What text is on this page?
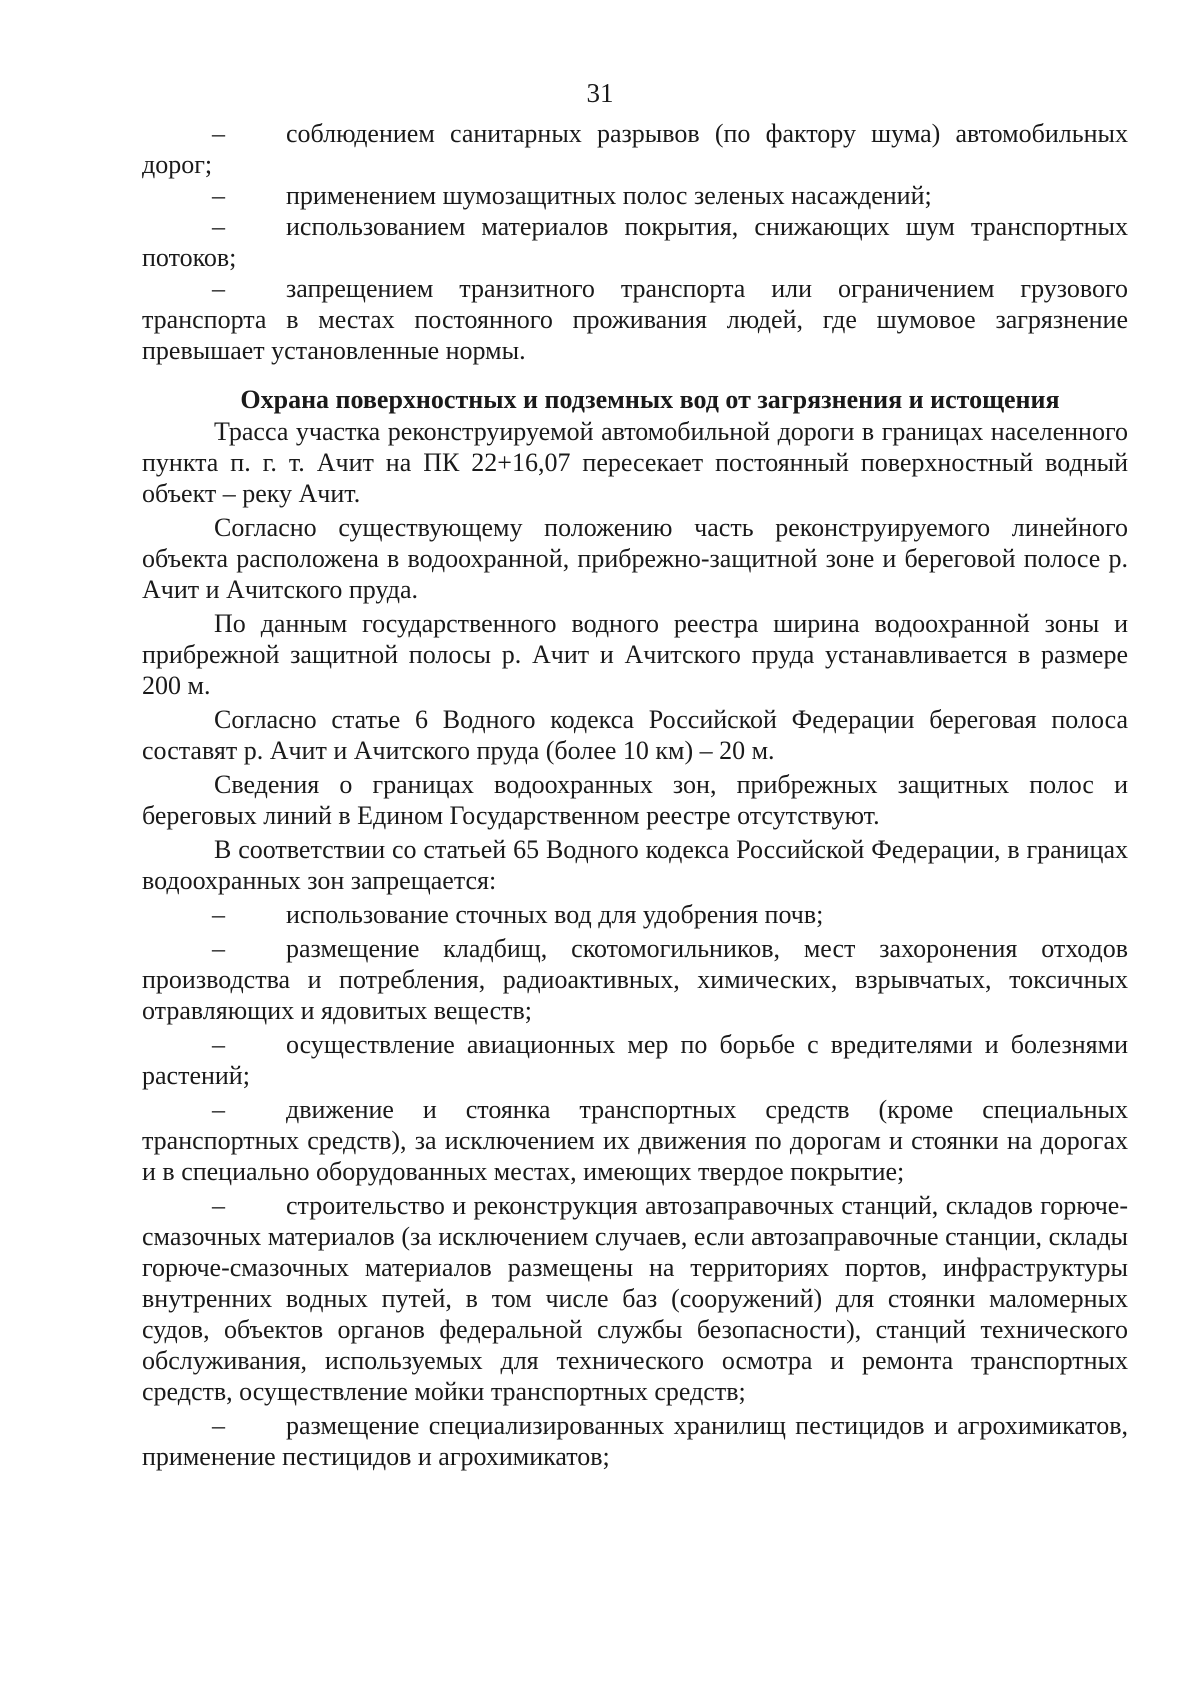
31

– соблюдением санитарных разрывов (по фактору шума) автомобильных дорог;

– применением шумозащитных полос зеленых насаждений;

– использованием материалов покрытия, снижающих шум транспортных потоков;

– запрещением транзитного транспорта или ограничением грузового транспорта в местах постоянного проживания людей, где шумовое загрязнение превышает установленные нормы.

Охрана поверхностных и подземных вод от загрязнения и истощения

Трасса участка реконструируемой автомобильной дороги в границах населенного пункта п. г. т. Ачит на ПК 22+16,07 пересекает постоянный поверхностный водный объект – реку Ачит.

Согласно существующему положению часть реконструируемого линейного объекта расположена в водоохранной, прибрежно-защитной зоне и береговой полосе р. Ачит и Ачитского пруда.

По данным государственного водного реестра ширина водоохранной зоны и прибрежной защитной полосы р. Ачит и Ачитского пруда устанавливается в размере 200 м.

Согласно статье 6 Водного кодекса Российской Федерации береговая полоса составят р. Ачит и Ачитского пруда (более 10 км) – 20 м.

Сведения о границах водоохранных зон, прибрежных защитных полос и береговых линий в Едином Государственном реестре отсутствуют.

В соответствии со статьей 65 Водного кодекса Российской Федерации, в границах водоохранных зон запрещается:

– использование сточных вод для удобрения почв;

– размещение кладбищ, скотомогильников, мест захоронения отходов производства и потребления, радиоактивных, химических, взрывчатых, токсичных отравляющих и ядовитых веществ;

– осуществление авиационных мер по борьбе с вредителями и болезнями растений;

– движение и стоянка транспортных средств (кроме специальных транспортных средств), за исключением их движения по дорогам и стоянки на дорогах и в специально оборудованных местах, имеющих твердое покрытие;

– строительство и реконструкция автозаправочных станций, складов горюче-смазочных материалов (за исключением случаев, если автозаправочные станции, склады горюче-смазочных материалов размещены на территориях портов, инфраструктуры внутренних водных путей, в том числе баз (сооружений) для стоянки маломерных судов, объектов органов федеральной службы безопасности), станций технического обслуживания, используемых для технического осмотра и ремонта транспортных средств, осуществление мойки транспортных средств;

– размещение специализированных хранилищ пестицидов и агрохимикатов, применение пестицидов и агрохимикатов;
